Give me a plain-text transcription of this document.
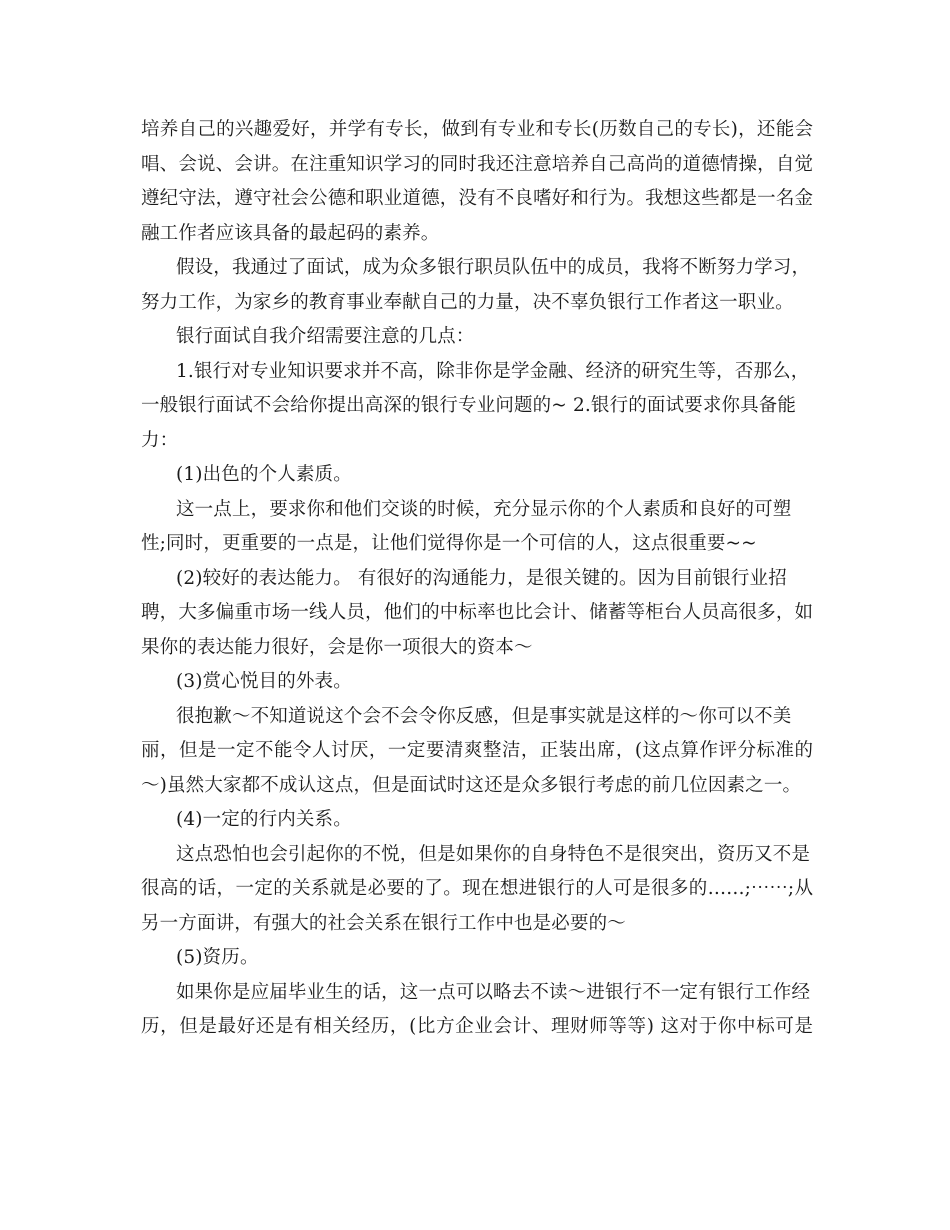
培养自己的兴趣爱好，并学有专长，做到有专业和专长(历数自己的专长)，还能会
唱、会说、会讲。在注重知识学习的同时我还注意培养自己高尚的道德情操，自觉
遵纪守法，遵守社会公德和职业道德，没有不良嗜好和行为。我想这些都是一名金
融工作者应该具备的最起码的素养。
假设，我通过了面试，成为众多银行职员队伍中的成员，我将不断努力学习，
努力工作，为家乡的教育事业奉献自己的力量，决不辜负银行工作者这一职业。
银行面试自我介绍需要注意的几点：
1.银行对专业知识要求并不高，除非你是学金融、经济的研究生等，否那么，
一般银行面试不会给你提出高深的银行专业问题的~ 2.银行的面试要求你具备能
力：
(1)出色的个人素质。
这一点上，要求你和他们交谈的时候，充分显示你的个人素质和良好的可塑
性;同时，更重要的一点是，让他们觉得你是一个可信的人，这点很重要~~
(2)较好的表达能力。 有很好的沟通能力，是很关键的。因为目前银行业招
聘，大多偏重市场一线人员，他们的中标率也比会计、储蓄等柜台人员高很多，如
果你的表达能力很好，会是你一项很大的资本～
(3)赏心悦目的外表。
很抱歉～不知道说这个会不会令你反感，但是事实就是这样的～你可以不美
丽，但是一定不能令人讨厌，一定要清爽整洁，正装出席，(这点算作评分标准的
～)虽然大家都不成认这点，但是面试时这还是众多银行考虑的前几位因素之一。
(4)一定的行内关系。
这点恐怕也会引起你的不悦，但是如果你的自身特色不是很突出，资历又不是
很高的话，一定的关系就是必要的了。现在想进银行的人可是很多的……;⋯⋯;从
另一方面讲，有强大的社会关系在银行工作中也是必要的～
(5)资历。
如果你是应届毕业生的话，这一点可以略去不读～进银行不一定有银行工作经
历，但是最好还是有相关经历，(比方企业会计、理财师等等) 这对于你中标可是
